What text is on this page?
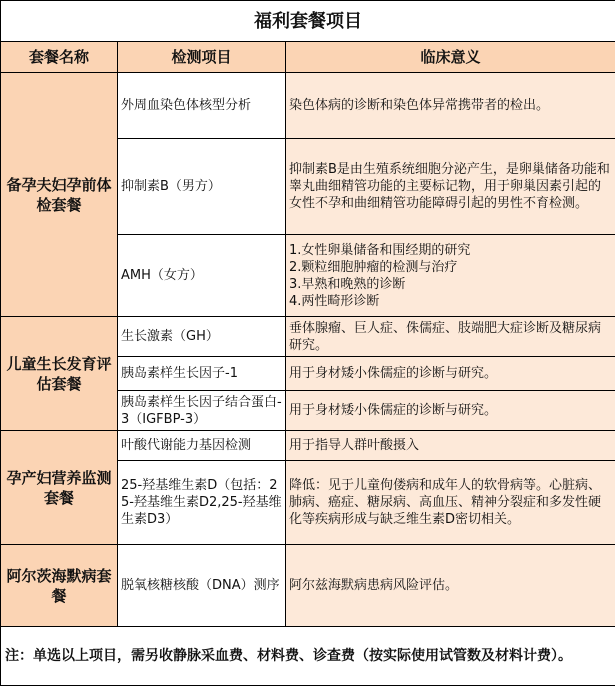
福利套餐项目		
套餐名称	检测项目	临床意义
备孕夫妇孕前体检套餐	外周血染色体核型分析	染色体病的诊断和染色体异常携带者的检出。
	抑制素B（男方）	抑制素B是由生殖系统细胞分泌产生，是卵巢储备功能和睾丸曲细精管功能的主要标记物，用于卵巢因素引起的女性不孕和曲细精管功能障碍引起的男性不育检测。
	AMH（女方）	1.女性卵巢储备和围经期的研究
2.颗粒细胞肿瘤的检测与治疗
3.早熟和晚熟的诊断
4.两性畸形诊断

儿童生长发育评估套餐	生长激素（GH）	垂体腺瘤、巨人症、侏儒症、肢端肥大症诊断及糖尿病研究。
	胰岛素样生长因子-1	用于身材矮小侏儒症的诊断与研究。
	胰岛素样生长因子结合蛋白-3（IGFBP-3）	用于身材矮小侏儒症的诊断与研究。
孕产妇营养监测套餐	叶酸代谢能力基因检测	用于指导人群叶酸摄入
	25-羟基维生素D（包括：25-羟基维生素D2,25-羟基维生素D3）	降低：见于儿童佝偻病和成年人的软骨病等。心脏病、肺病、癌症、糖尿病、高血压、精神分裂症和多发性硬化等疾病形成与缺乏维生素D密切相关。
阿尔茨海默病套餐	脱氧核糖核酸（DNA）测序	阿尔兹海默病患病风险评估。
注：单选以上项目，需另收静脉采血费、材料费、诊查费（按实际使用试管数及材料计费）。		
